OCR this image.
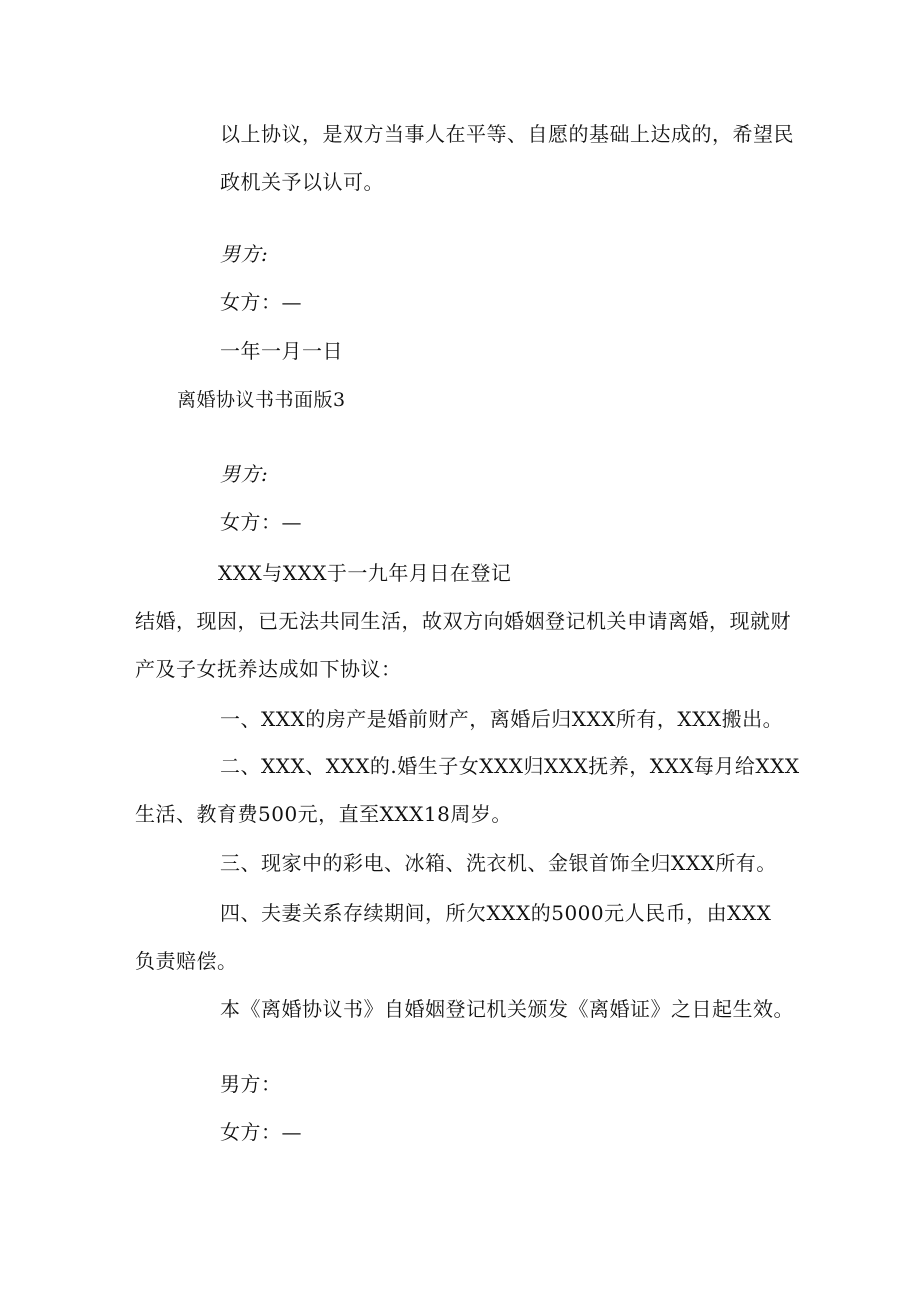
以上协议，是双方当事人在平等、自愿的基础上达成的，希望民

政机关予以认可。

男方:

女方：—

一年一月一日

离婚协议书书面版3

男方:

女方：—

XXX与XXX于一九年月日在登记

结婚，现因，已无法共同生活，故双方向婚姻登记机关申请离婚，现就财

产及子女抚养达成如下协议：

一、XXX的房产是婚前财产，离婚后归XXX所有，XXX搬出。

二、XXX、XXX的.婚生子女XXX归XXX抚养，XXX每月给XXX

生活、教育费500元，直至XXX18周岁。

三、现家中的彩电、冰箱、洗衣机、金银首饰全归XXX所有。

四、夫妻关系存续期间，所欠XXX的5000元人民币，由XXX

负责赔偿。

本《离婚协议书》自婚姻登记机关颁发《离婚证》之日起生效。

男方：

女方：—
